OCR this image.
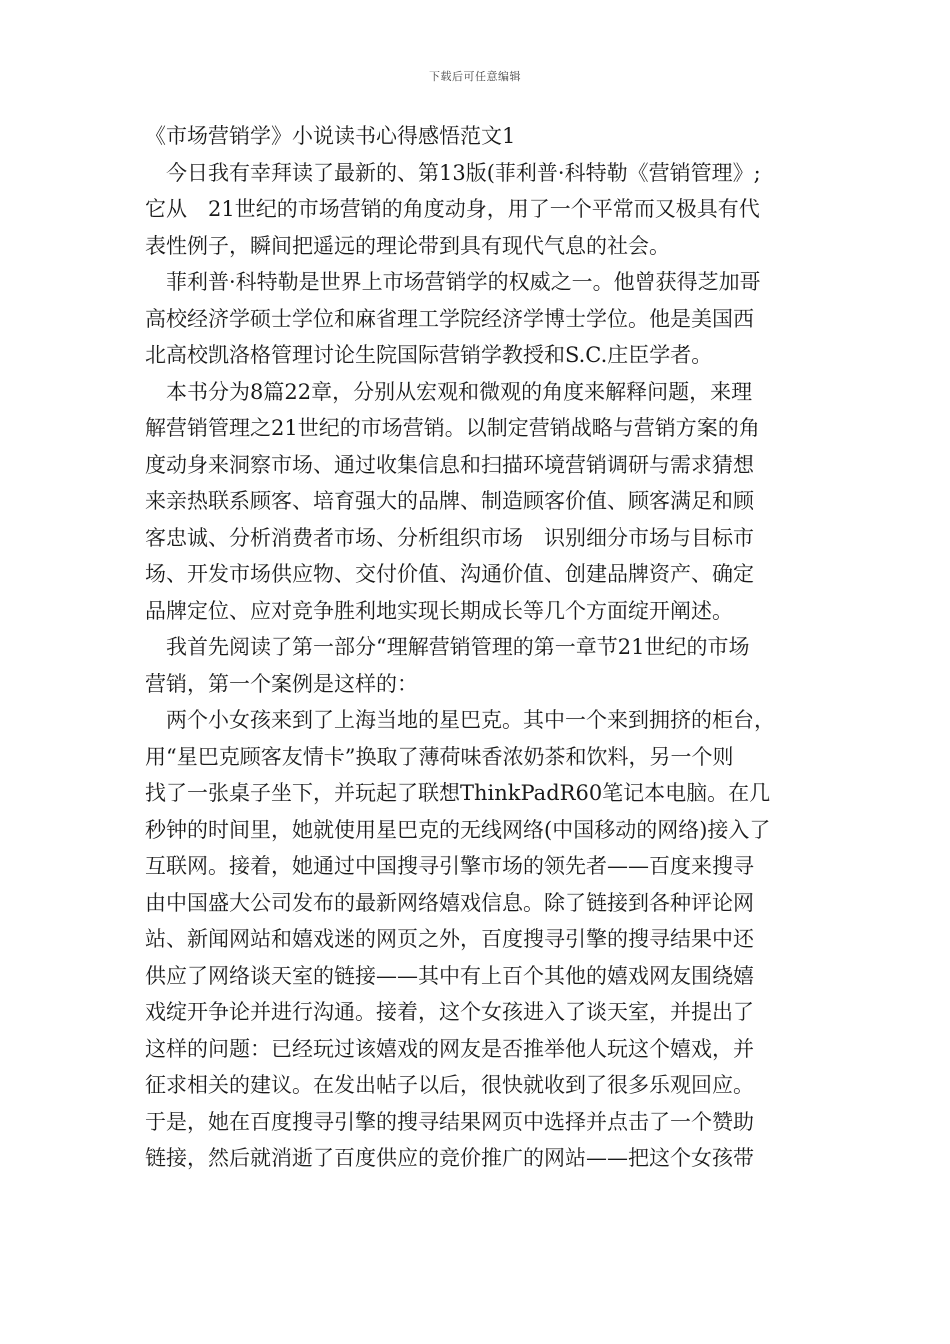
下载后可任意编辑
《市场营销学》小说读书心得感悟范文1

今日我有幸拜读了最新的、第13版(菲利普·科特勒《营销管理》;
它从　21世纪的市场营销的角度动身，用了一个平常而又极具有代
表性例子，瞬间把遥远的理论带到具有现代气息的社会。

菲利普·科特勒是世界上市场营销学的权威之一。他曾获得芝加哥
高校经济学硕士学位和麻省理工学院经济学博士学位。他是美国西
北高校凯洛格管理讨论生院国际营销学教授和S.C.庄臣学者。

本书分为8篇22章，分别从宏观和微观的角度来解释问题，来理
解营销管理之21世纪的市场营销。以制定营销战略与营销方案的角
度动身来洞察市场、通过收集信息和扫描环境营销调研与需求猜想
来亲热联系顾客、培育强大的品牌、制造顾客价值、顾客满足和顾
客忠诚、分析消费者市场、分析组织市场　识别细分市场与目标市
场、开发市场供应物、交付价值、沟通价值、创建品牌资产、确定
品牌定位、应对竞争胜利地实现长期成长等几个方面绽开阐述。

我首先阅读了第一部分“理解营销管理的第一章节21世纪的市场
营销，第一个案例是这样的：

两个小女孩来到了上海当地的星巴克。其中一个来到拥挤的柜台，
用“星巴克顾客友情卡”换取了薄荷味香浓奶茶和饮料，另一个则
找了一张桌子坐下，并玩起了联想ThinkPadR60笔记本电脑。在几
秒钟的时间里，她就使用星巴克的无线网络(中国移动的网络)接入了
互联网。接着，她通过中国搜寻引擎市场的领先者——百度来搜寻
由中国盛大公司发布的最新网络嬉戏信息。除了链接到各种评论网
站、新闻网站和嬉戏迷的网页之外，百度搜寻引擎的搜寻结果中还
供应了网络谈天室的链接——其中有上百个其他的嬉戏网友围绕嬉
戏绽开争论并进行沟通。接着，这个女孩进入了谈天室，并提出了
这样的问题：已经玩过该嬉戏的网友是否推举他人玩这个嬉戏，并
征求相关的建议。在发出帖子以后，很快就收到了很多乐观回应。
于是，她在百度搜寻引擎的搜寻结果网页中选择并点击了一个赞助
链接，然后就消逝了百度供应的竞价推广的网站——把这个女孩带
